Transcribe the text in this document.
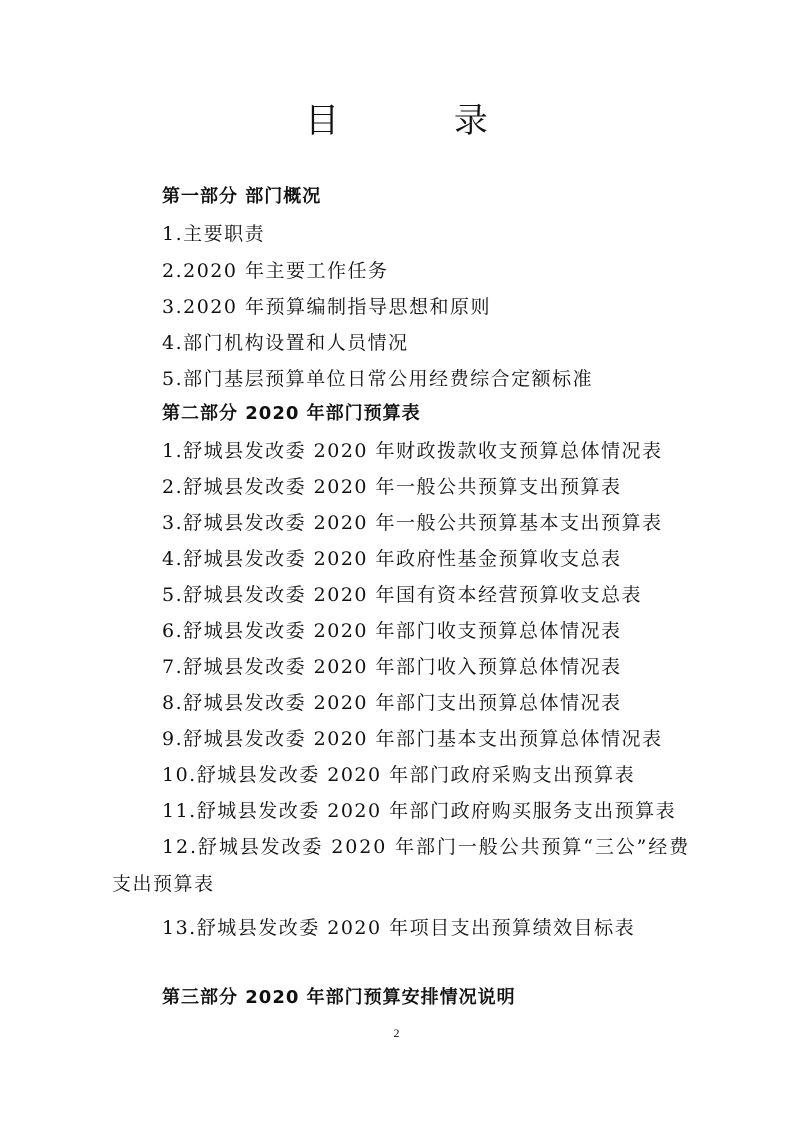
目 录
第一部分 部门概况
1.主要职责
2.2020 年主要工作任务
3.2020 年预算编制指导思想和原则
4.部门机构设置和人员情况
5.部门基层预算单位日常公用经费综合定额标准
第二部分 2020 年部门预算表
1.舒城县发改委 2020 年财政拨款收支预算总体情况表
2.舒城县发改委 2020 年一般公共预算支出预算表
3.舒城县发改委 2020 年一般公共预算基本支出预算表
4.舒城县发改委 2020 年政府性基金预算收支总表
5.舒城县发改委 2020 年国有资本经营预算收支总表
6.舒城县发改委 2020 年部门收支预算总体情况表
7.舒城县发改委 2020 年部门收入预算总体情况表
8.舒城县发改委 2020 年部门支出预算总体情况表
9.舒城县发改委 2020 年部门基本支出预算总体情况表
10.舒城县发改委 2020 年部门政府采购支出预算表
11.舒城县发改委 2020 年部门政府购买服务支出预算表
12.舒城县发改委 2020 年部门一般公共预算“三公”经费
支出预算表
13.舒城县发改委 2020 年项目支出预算绩效目标表
第三部分 2020 年部门预算安排情况说明
2
